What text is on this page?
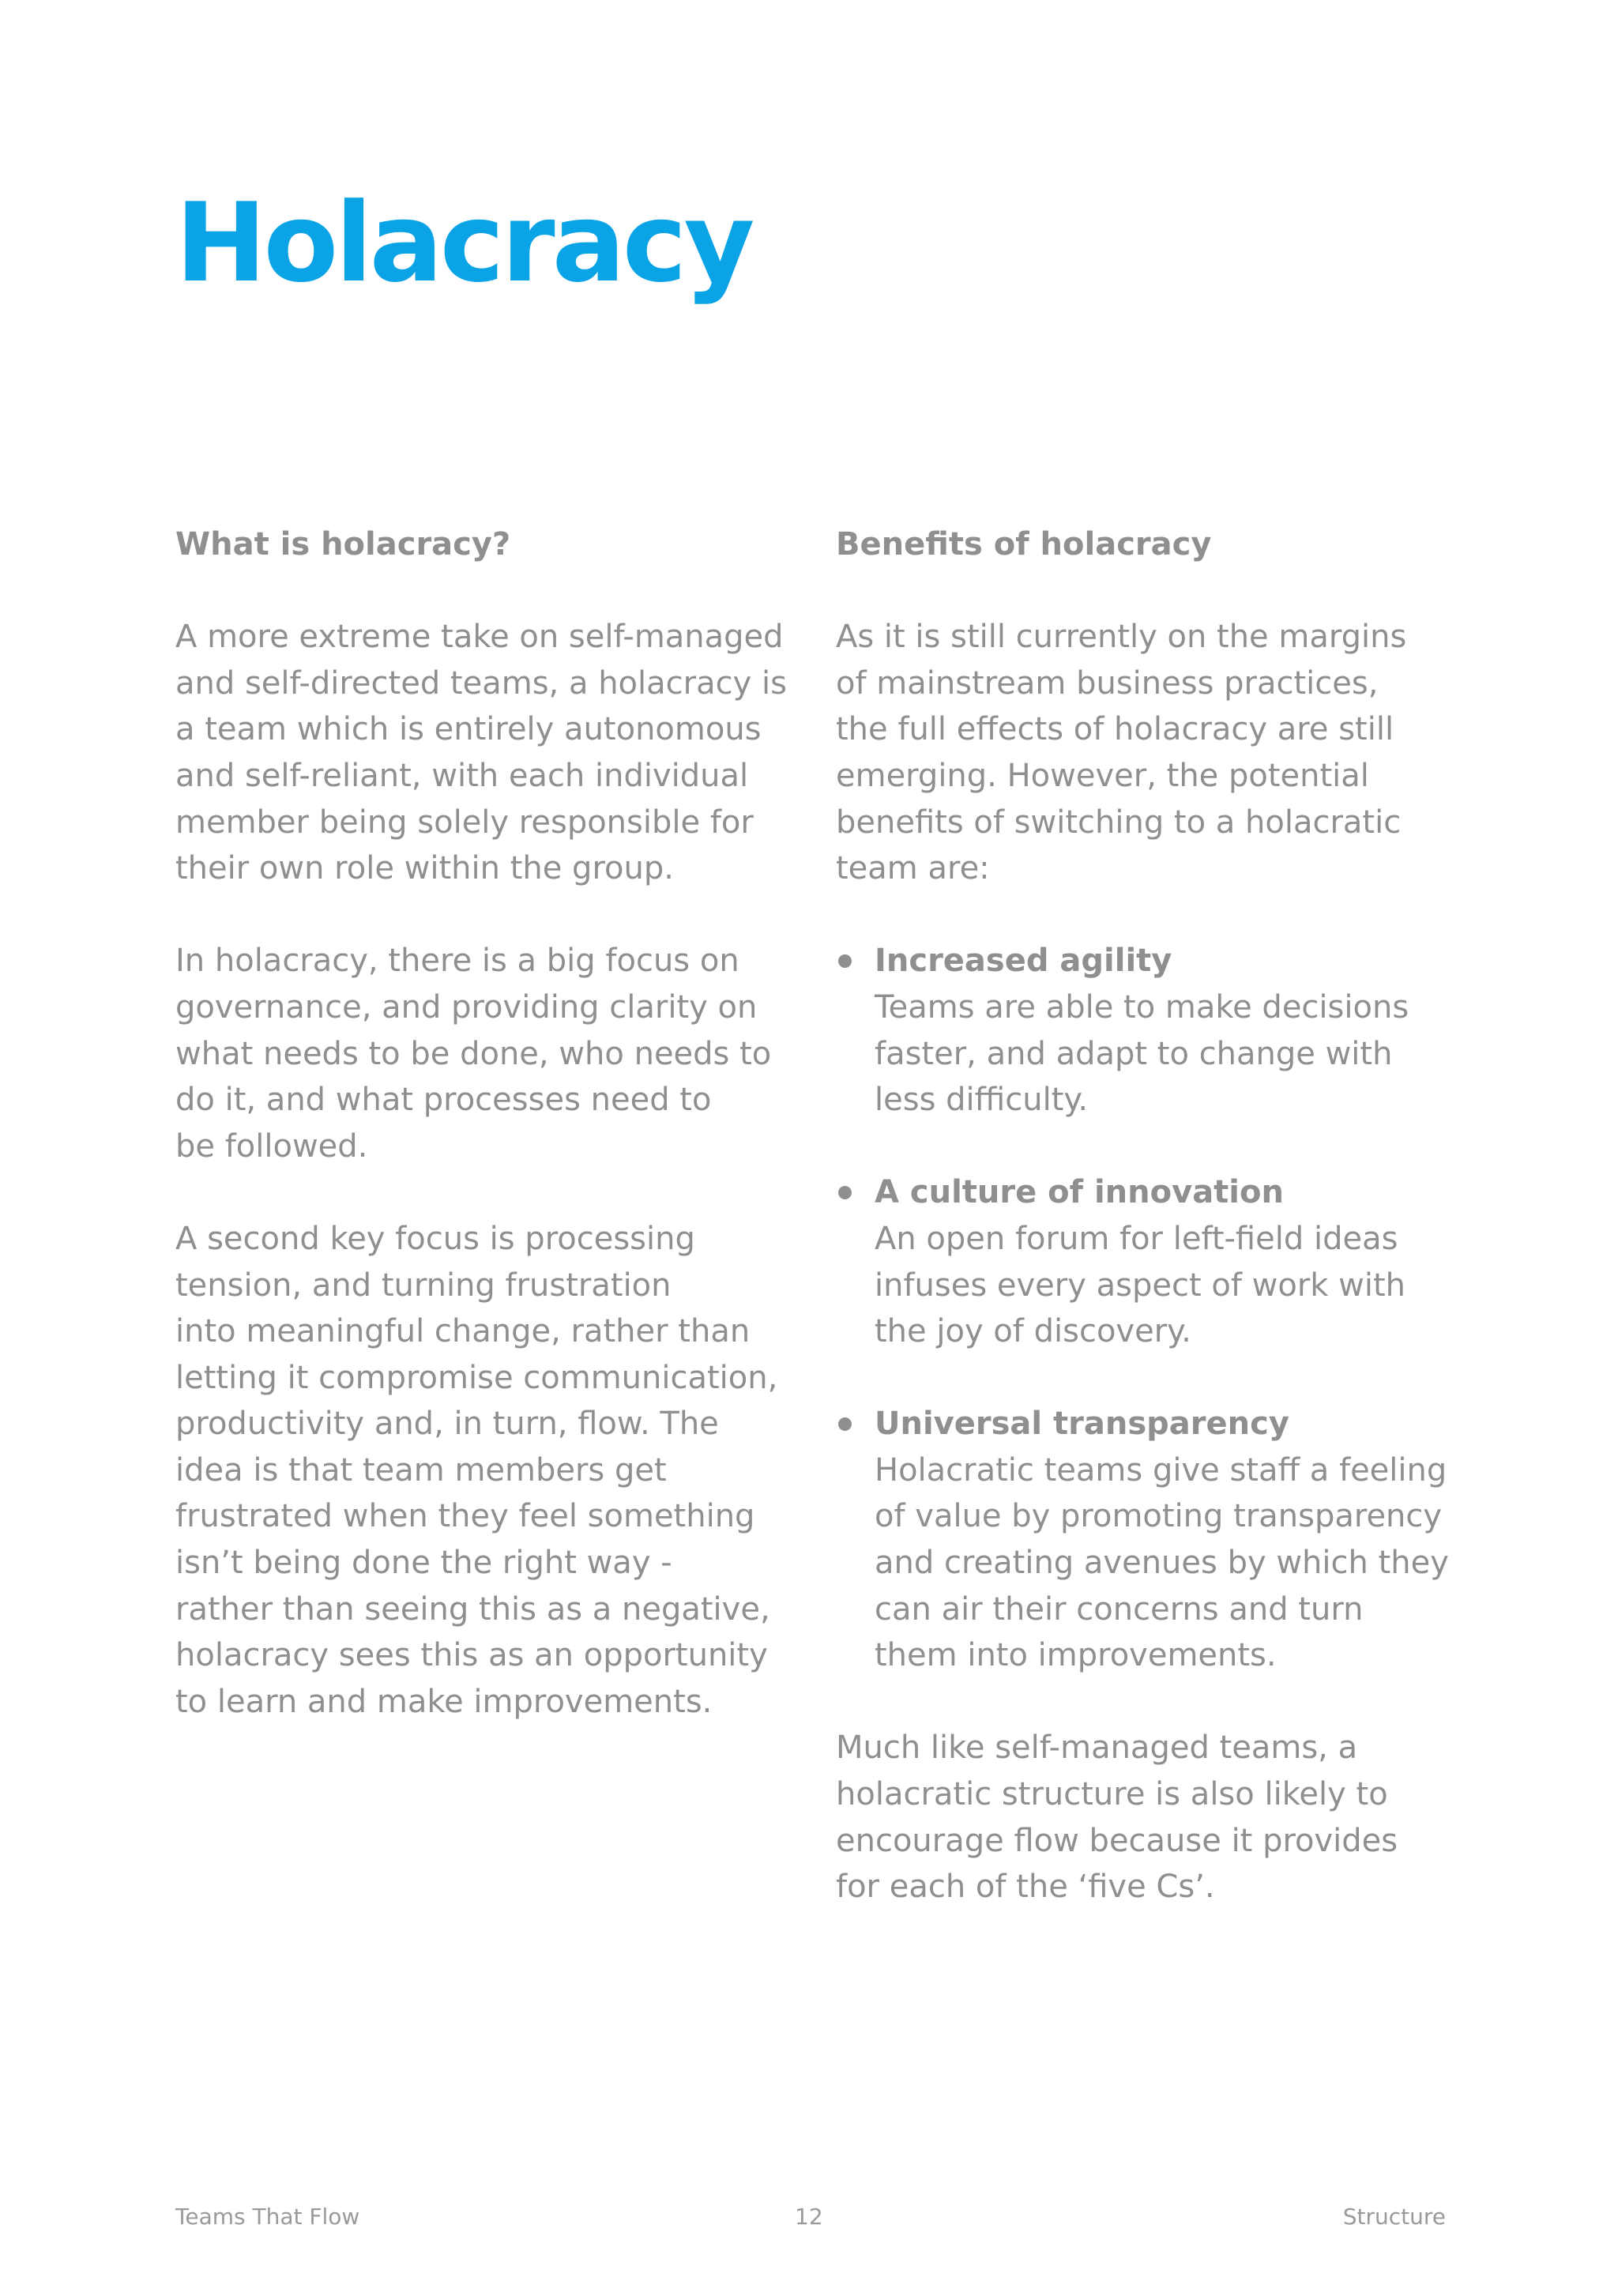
Holacracy
What is holacracy?

A more extreme take on self-managed
and self-directed teams, a holacracy is
a team which is entirely autonomous
and self-reliant, with each individual
member being solely responsible for
their own role within the group.

In holacracy, there is a big focus on
governance, and providing clarity on
what needs to be done, who needs to
do it, and what processes need to
be followed.

A second key focus is processing
tension, and turning frustration
into meaningful change, rather than
letting it compromise communication,
productivity and, in turn, flow. The
idea is that team members get
frustrated when they feel something
isn’t being done the right way -
rather than seeing this as a negative,
holacracy sees this as an opportunity
to learn and make improvements.

Benefits of holacracy

As it is still currently on the margins
of mainstream business practices,
the full effects of holacracy are still
emerging. However, the potential
benefits of switching to a holacratic
team are:

Increased agility
Teams are able to make decisions
faster, and adapt to change with
less difficulty.
A culture of innovation
An open forum for left-field ideas
infuses every aspect of work with
the joy of discovery.
Universal transparency
Holacratic teams give staff a feeling
of value by promoting transparency
and creating avenues by which they
can air their concerns and turn
them into improvements.

Much like self-managed teams, a
holacratic structure is also likely to
encourage flow because it provides
for each of the ‘five Cs’.

Teams That Flow	12	Structure
